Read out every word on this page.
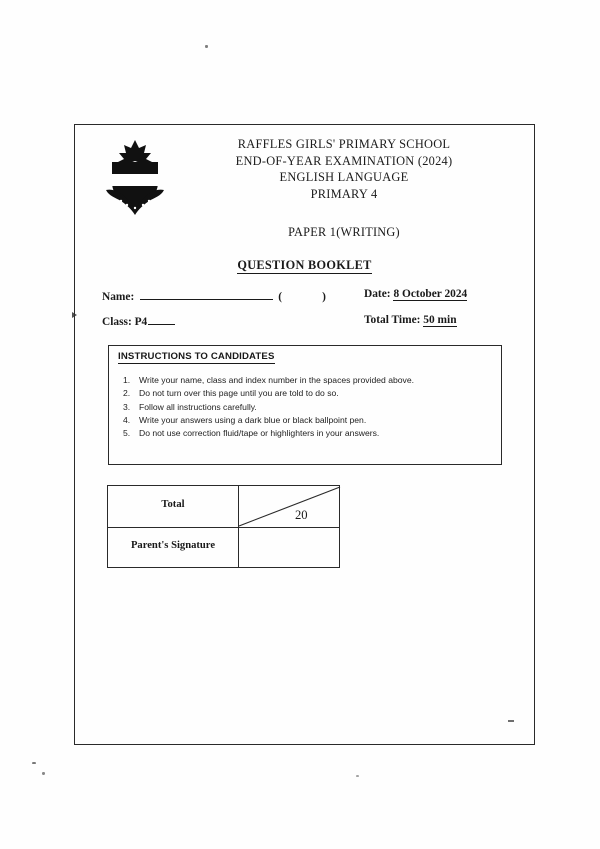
RAFFLES GIRLS' PRIMARY SCHOOL
END-OF-YEAR EXAMINATION (2024)
ENGLISH LANGUAGE
PRIMARY 4
PAPER 1(WRITING)
QUESTION BOOKLET
Name:	(	)
Class: P4
Date: 8 October 2024
Total Time: 50 min
INSTRUCTIONS TO CANDIDATES
1. Write your name, class and index number in the spaces provided above.
2. Do not turn over this page until you are told to do so.
3. Follow all instructions carefully.
4. Write your answers using a dark blue or black ballpoint pen.
5. Do not use correction fluid/tape or highlighters in your answers.
Total
Parent's Signature
20
